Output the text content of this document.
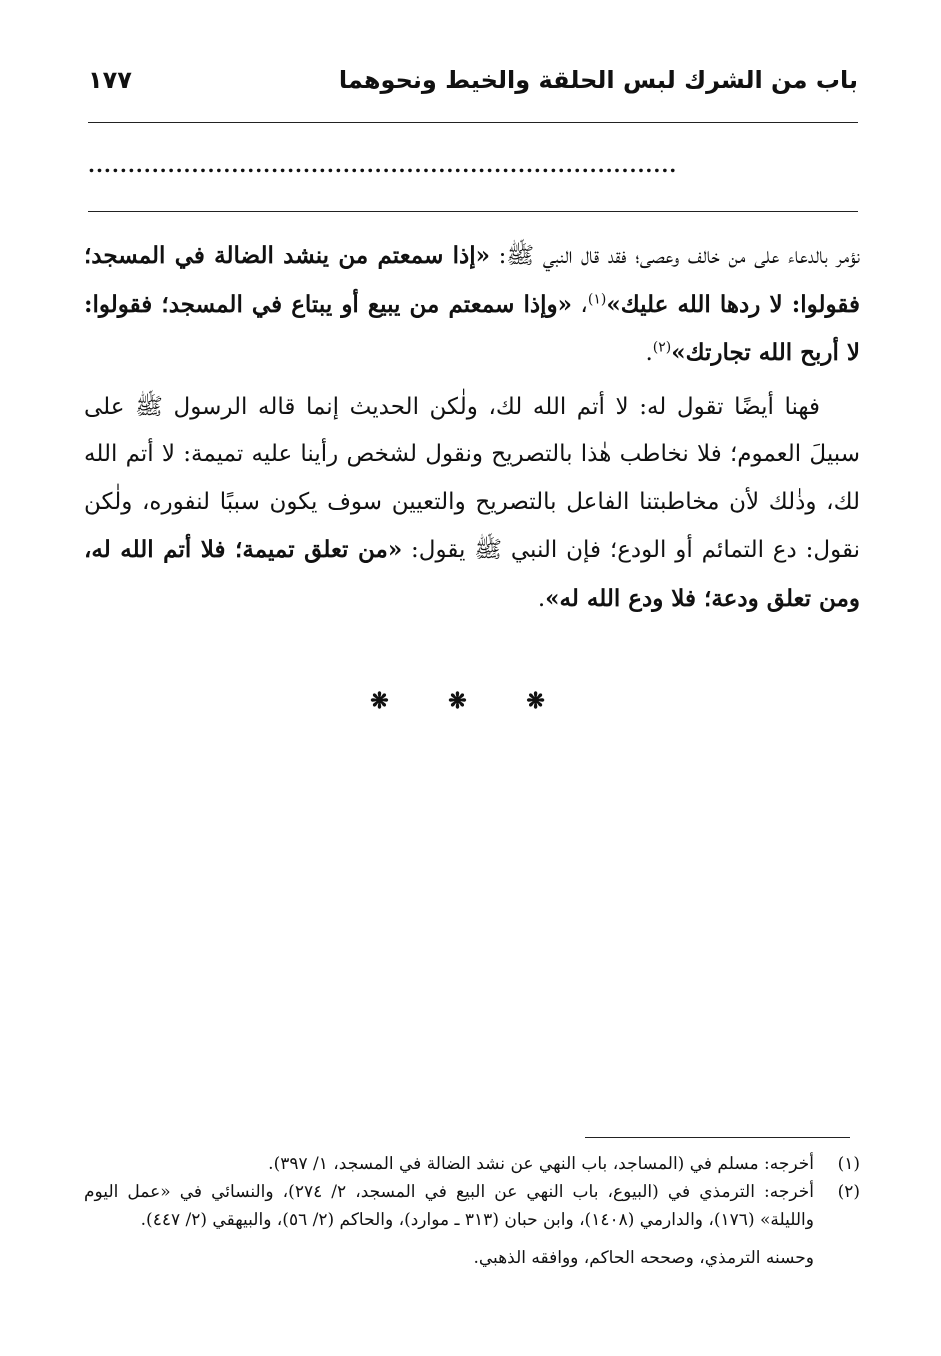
باب من الشرك لبس الحلقة والخيط ونحوهما
١٧٧
..........................................................................

نؤمر بالدعاء على من خالف وعصى؛ فقد قال النبي ﷺ: «إذا سمعتم من ينشد الضالة في المسجد؛ فقولوا: لا ردها الله عليك»$^{(١)}$، «وإذا سمعتم من يبيع أو يبتاع في المسجد؛ فقولوا: لا أربح الله تجارتك»$^{(٢)}$.

فهنا أيضًا تقول له: لا أتم الله لك، ولٰكن الحديث إنما قاله الرسول ﷺ على سبيلَ العموم؛ فلا نخاطب هٰذا بالتصريح ونقول لشخص رأينا عليه تميمة: لا أتم الله لك، وذٰلك لأن مخاطبتنا الفاعل بالتصريح والتعيين سوف يكون سببًا لنفوره، ولٰكن نقول: دع التمائم أو الودع؛ فإن النبي ﷺ يقول: «من تعلق تميمة؛ فلا أتم الله له، ومن تعلق ودعة؛ فلا ودع الله له».

❋ ❋ ❋
(١)
أخرجه: مسلم في (المساجد، باب النهي عن نشد الضالة في المسجد، ١/ ٣٩٧).
(٢)
أخرجه: الترمذي في (البيوع، باب النهي عن البيع في المسجد، ٢/ ٢٧٤)، والنسائي في «عمل اليوم والليلة» (١٧٦)، والدارمي (١٤٠٨)، وابن حبان (٣١٣ ـ موارد)، والحاكم (٢/ ٥٦)، والبيهقي (٢/ ٤٤٧).
وحسنه الترمذي، وصححه الحاكم، ووافقه الذهبي.
